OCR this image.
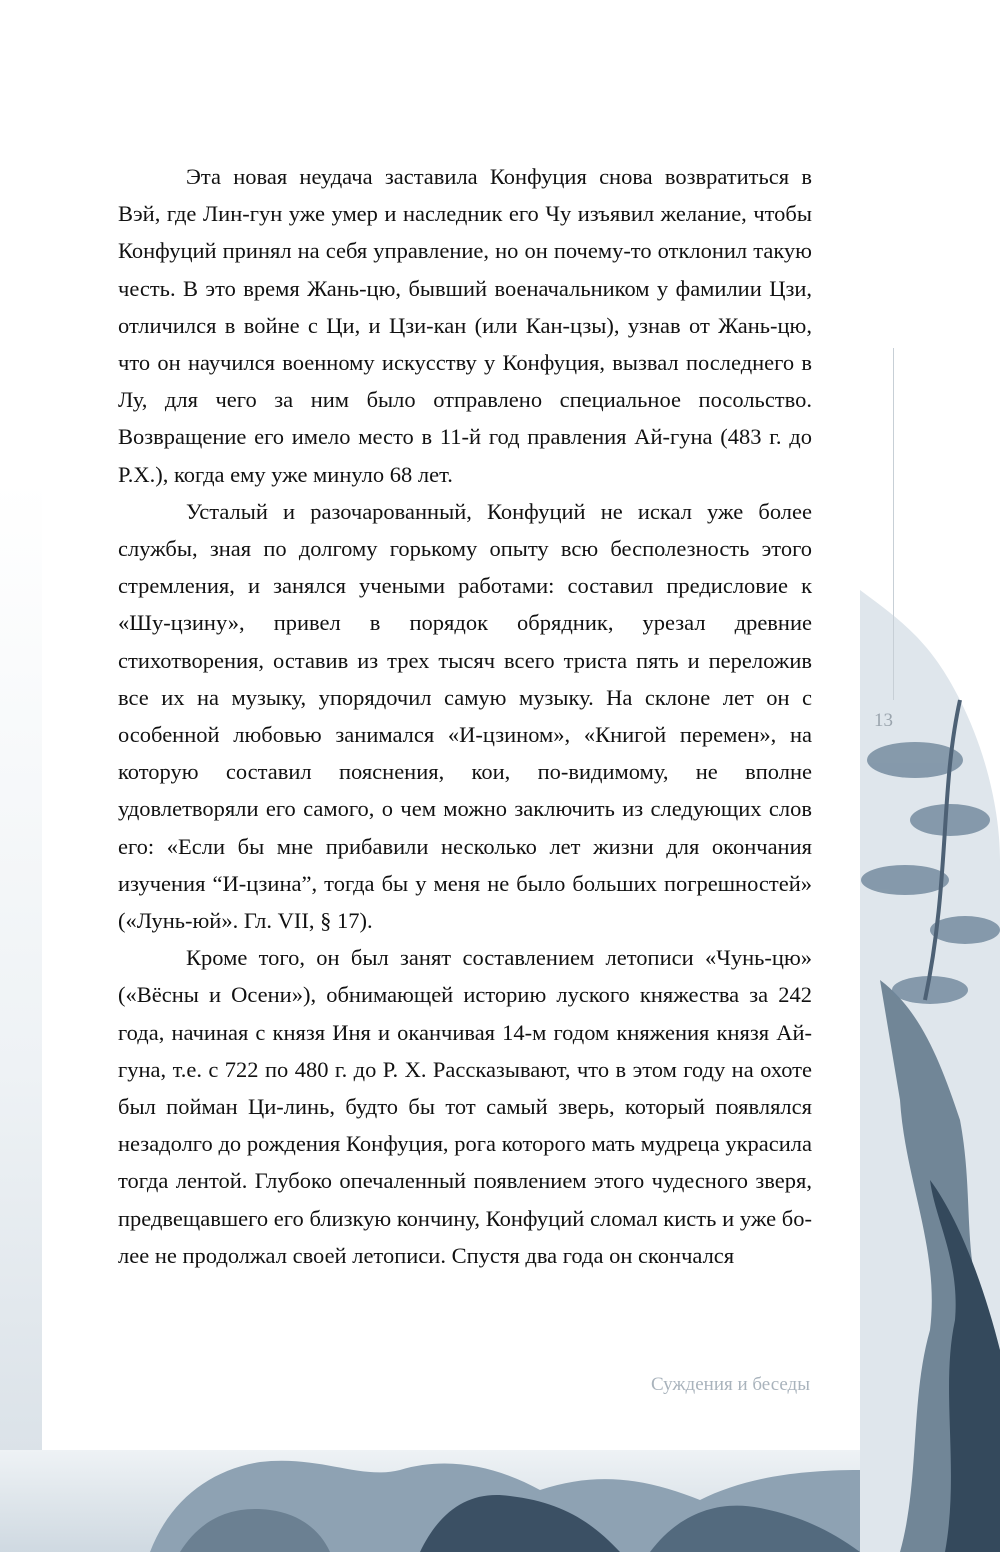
Эта новая неудача заставила Конфуция снова возвратиться в Вэй, где Лин-гун уже умер и наследник его Чу изъявил желание, чтобы Конфуций принял на себя управление, но он почему-то отклонил такую честь. В это время Жань-цю, бывший военачальником у фамилии Цзи, отличился в войне с Ци, и Цзи-кан (или Кан-цзы), узнав от Жань-цю, что он научился военному искусству у Конфуция, вызвал последнего в Лу, для чего за ним было отправлено специальное посольство. Возвращение его имело место в 11-й год правления Ай-гуна (483 г. до Р.Х.), когда ему уже минуло 68 лет.

Усталый и разочарованный, Конфуций не искал уже более службы, зная по долгому горькому опыту всю бесполезность этого стремления, и занялся учеными работами: составил предисловие к «Шу-цзину», привел в порядок обрядник, урезал древние стихотворения, оставив из трех тысяч всего триста пять и переложив все их на музыку, упорядочил самую музыку. На склоне лет он с особенной любовью занимался «И-цзином», «Книгой перемен», на которую составил пояснения, кои, по-видимому, не вполне удовлетворяли его самого, о чем можно заключить из следующих слов его: «Если бы мне прибавили несколько лет жизни для окончания изучения “И-цзина”, тогда бы у меня не было больших погрешностей» («Лунь-юй». Гл. VII, § 17).

Кроме того, он был занят составлением летописи «Чунь-цю» («Вёсны и Осени»), обнимающей историю луского княжества за 242 года, начиная с князя Иня и оканчивая 14-м годом княжения князя Ай-гуна, т.е. с 722 по 480 г. до Р. Х. Рассказывают, что в этом году на охоте был пойман Ци-линь, будто бы тот самый зверь, который появлялся незадолго до рождения Конфуция, рога которого мать мудреца украсила тогда лентой. Глубоко опечаленный появлением этого чудесного зверя, предвещавшего его близкую кончину, Конфуций сломал кисть и уже более не продолжал своей летописи. Спустя два года он скончался

13
Суждения и беседы
